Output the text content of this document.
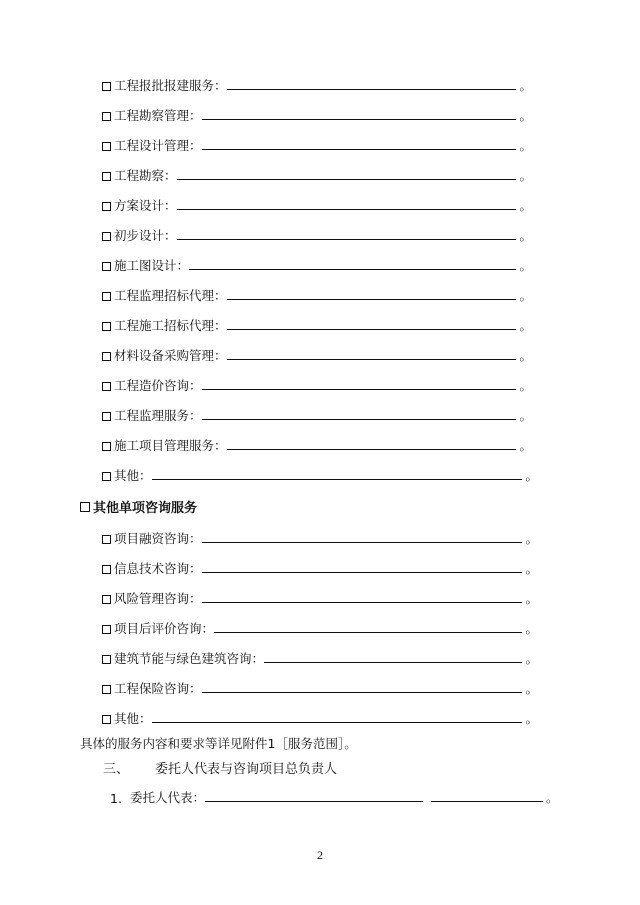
工程报批报建服务：	。
工程勘察管理：	。
工程设计管理：	。
工程勘察：	。
方案设计：	。
初步设计：	。
施工图设计：	。
工程监理招标代理：	。
工程施工招标代理：	。
材料设备采购管理：	。
工程造价咨询：	。
工程监理服务：	。
施工项目管理服务：	。
其他：	。
其他单项咨询服务
项目融资咨询：	。
信息技术咨询：	。
风险管理咨询：	。
项目后评价咨询：	。
建筑节能与绿色建筑咨询：	。
工程保险咨询：	。
其他：	。
具体的服务内容和要求等详见附件1［服务范围］。
三、	委托人代表与咨询项目总负责人
1. 委托人代表：	。
2
